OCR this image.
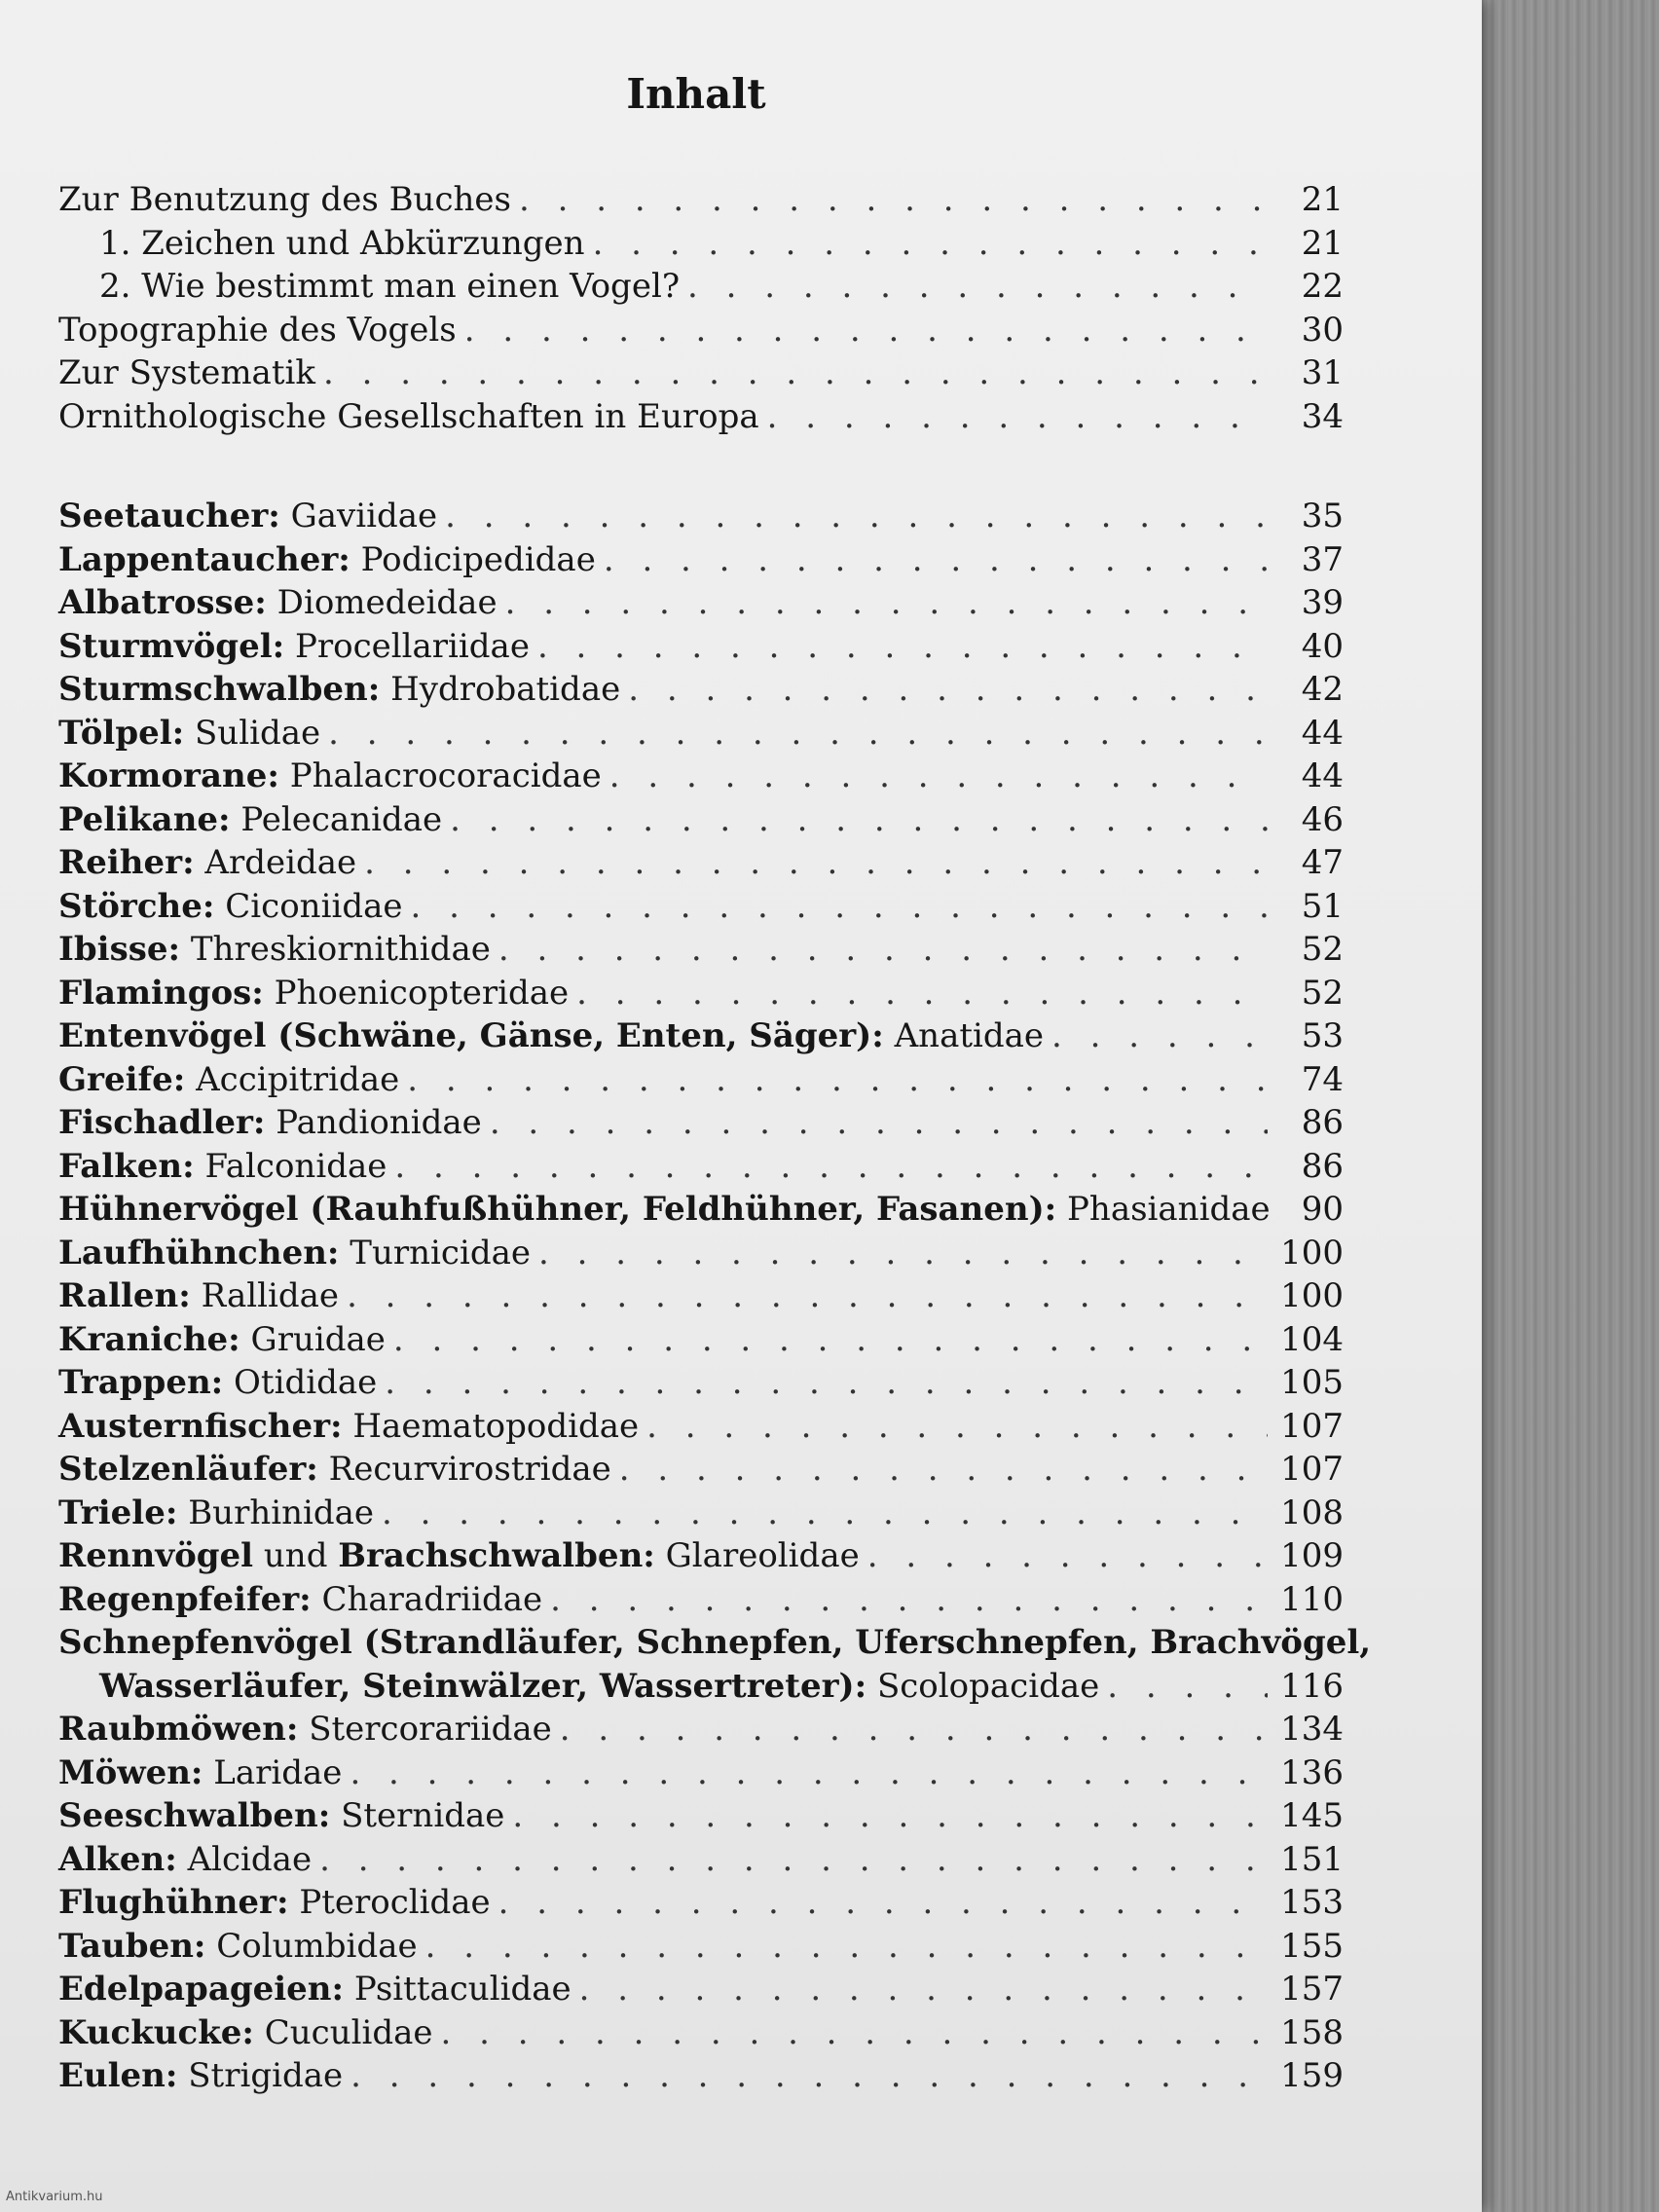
Inhalt
Zur Benutzung des Buches . . .	21
1. Zeichen und Abkürzungen . . .	21
2. Wie bestimmt man einen Vogel? . . .	22
Topographie des Vogels . . .	30
Zur Systematik . . .	31
Ornithologische Gesellschaften in Europa . . .	34
Seetaucher: Gaviidae . . .	35
Lappentaucher: Podicipedidae . . .	37
Albatrosse: Diomedeidae . . .	39
Sturmvögel: Procellariidae . . .	40
Sturmschwalben: Hydrobatidae . . .	42
Tölpel: Sulidae . . .	44
Kormorane: Phalacrocoracidae . . .	44
Pelikane: Pelecanidae . . .	46
Reiher: Ardeidae . . .	47
Störche: Ciconiidae . . .	51
Ibisse: Threskiornithidae . . .	52
Flamingos: Phoenicopteridae . . .	52
Entenvögel (Schwäne, Gänse, Enten, Säger): Anatidae . . .	53
Greife: Accipitridae . . .	74
Fischadler: Pandionidae . . .	86
Falken: Falconidae . . .	86
Hühnervögel (Rauhfußhühner, Feldhühner, Fasanen): Phasianidae 90
Laufhühnchen: Turnicidae . . .	100
Rallen: Rallidae . . .	100
Kraniche: Gruidae . . .	104
Trappen: Otididae . . .	105
Austernfischer: Haematopodidae . . .	107
Stelzenläufer: Recurvirostridae . . .	107
Triele: Burhinidae . . .	108
Rennvögel und Brachschwalben: Glareolidae . . .	109
Regenpfeifer: Charadriidae . . .	110
Schnepfenvögel (Strandläufer, Schnepfen, Uferschnepfen, Brachvögel,
Wasserläufer, Steinwälzer, Wassertreter): Scolopacidae . . .	116
Raubmöwen: Stercorariidae . . .	134
Möwen: Laridae . . .	136
Seeschwalben: Sternidae . . .	145
Alken: Alcidae . . .	151
Flughühner: Pteroclidae . . .	153
Tauben: Columbidae . . .	155
Edelpapageien: Psittaculidae . . .	157
Kuckucke: Cuculidae . . .	158
Eulen: Strigidae . . .	159
Antikvarium.hu
